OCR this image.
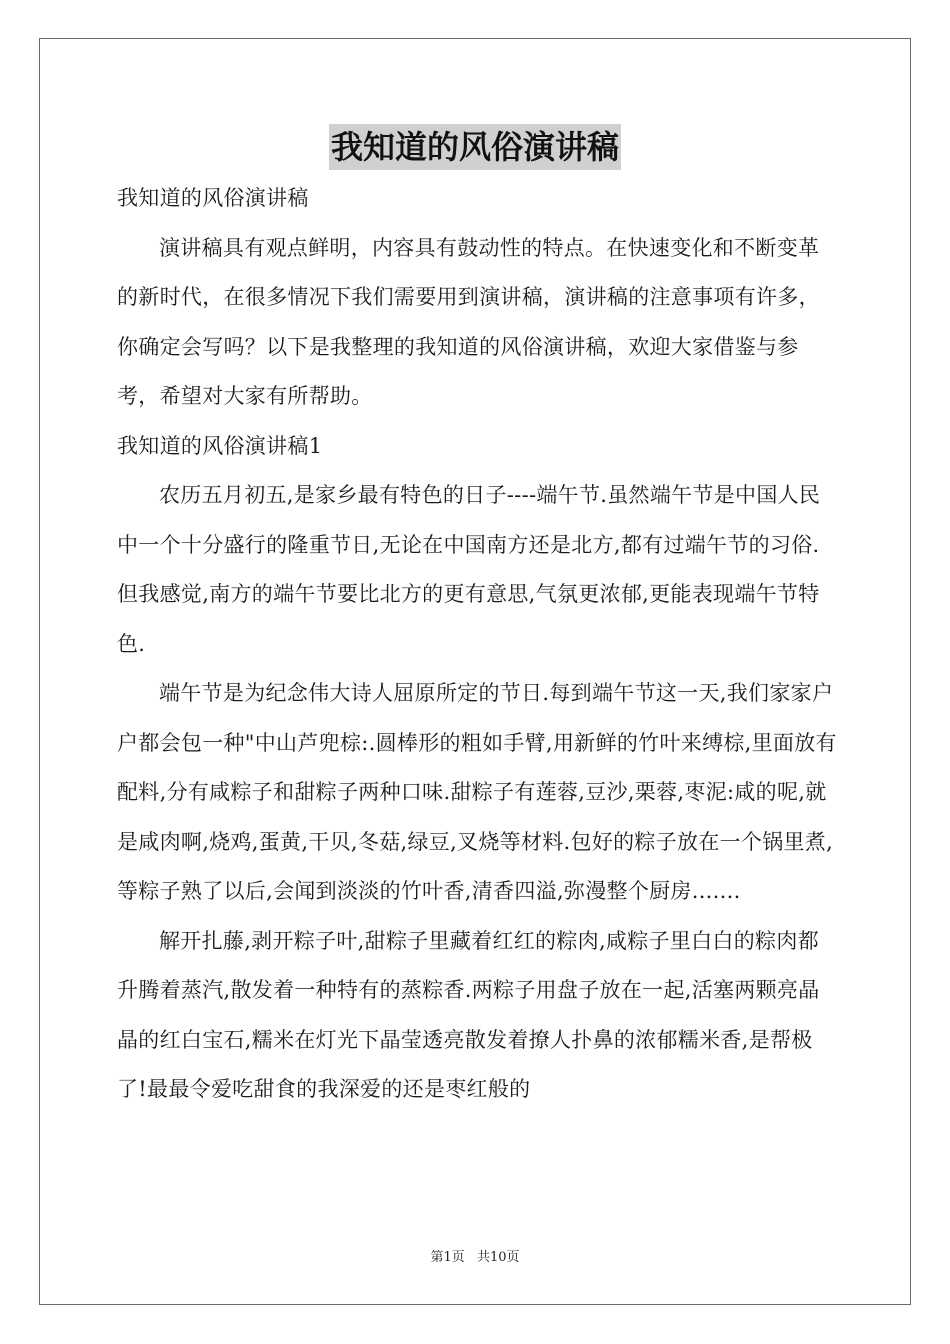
我知道的风俗演讲稿

我知道的风俗演讲稿

演讲稿具有观点鲜明，内容具有鼓动性的特点。在快速变化和不断变革的新时代，在很多情况下我们需要用到演讲稿，演讲稿的注意事项有许多，你确定会写吗？以下是我整理的我知道的风俗演讲稿，欢迎大家借鉴与参考，希望对大家有所帮助。

我知道的风俗演讲稿1

农历五月初五,是家乡最有特色的日子----端午节.虽然端午节是中国人民中一个十分盛行的隆重节日,无论在中国南方还是北方,都有过端午节的习俗.但我感觉,南方的端午节要比北方的更有意思,气氛更浓郁,更能表现端午节特色.

端午节是为纪念伟大诗人屈原所定的节日.每到端午节这一天,我们家家户户都会包一种"中山芦兜棕:.圆棒形的粗如手臂,用新鲜的竹叶来缚棕,里面放有配料,分有咸粽子和甜粽子两种口味.甜粽子有莲蓉,豆沙,栗蓉,枣泥:咸的呢,就是咸肉啊,烧鸡,蛋黄,干贝,冬菇,绿豆,叉烧等材料.包好的粽子放在一个锅里煮,等粽子熟了以后,会闻到淡淡的竹叶香,清香四溢,弥漫整个厨房.......

解开扎藤,剥开粽子叶,甜粽子里藏着红红的粽肉,咸粽子里白白的粽肉都升腾着蒸汽,散发着一种特有的蒸粽香.两粽子用盘子放在一起,活塞两颗亮晶晶的红白宝石,糯米在灯光下晶莹透亮散发着撩人扑鼻的浓郁糯米香,是帮极了!最最令爱吃甜食的我深爱的还是枣红般的

第1页 共10页
